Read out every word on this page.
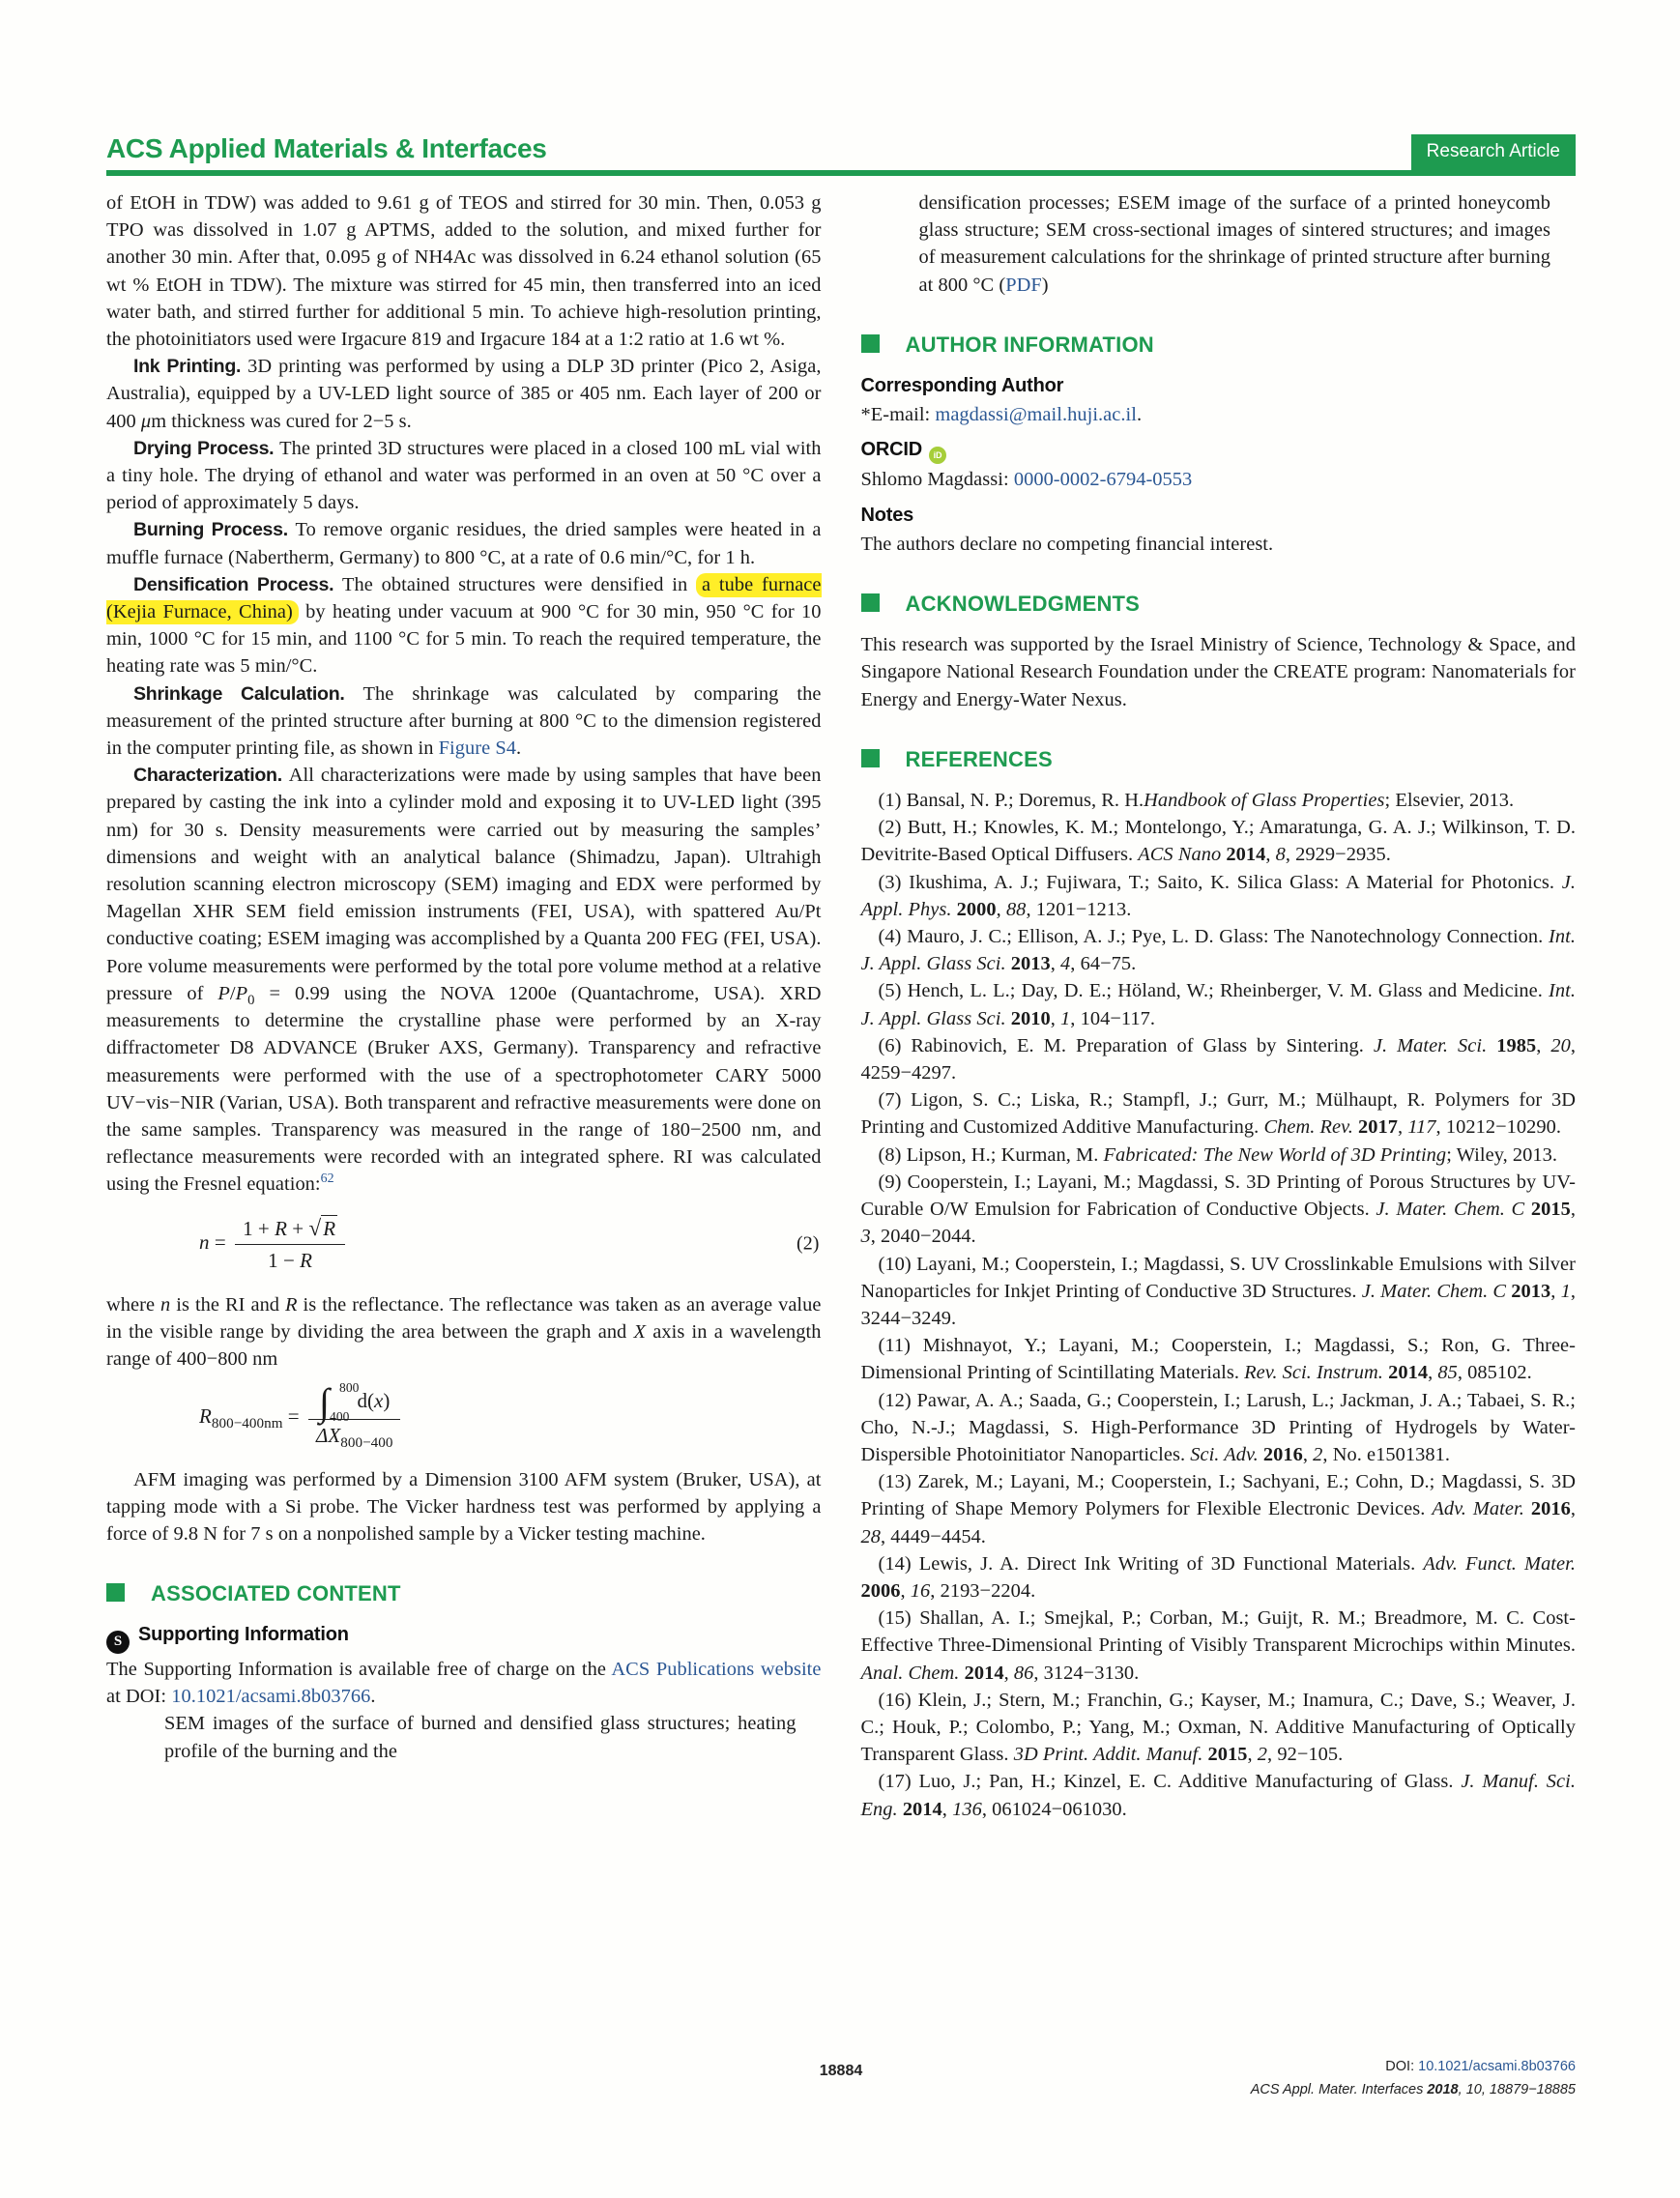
ACS Applied Materials & Interfaces	Research Article

of EtOH in TDW) was added to 9.61 g of TEOS and stirred for 30 min. Then, 0.053 g TPO was dissolved in 1.07 g APTMS, added to the solution, and mixed further for another 30 min. After that, 0.095 g of NH4Ac was dissolved in 6.24 ethanol solution (65 wt % EtOH in TDW). The mixture was stirred for 45 min, then transferred into an iced water bath, and stirred further for additional 5 min. To achieve high-resolution printing, the photoinitiators used were Irgacure 819 and Irgacure 184 at a 1:2 ratio at 1.6 wt %.

Ink Printing. 3D printing was performed by using a DLP 3D printer (Pico 2, Asiga, Australia), equipped by a UV-LED light source of 385 or 405 nm. Each layer of 200 or 400 μm thickness was cured for 2−5 s.

Drying Process. The printed 3D structures were placed in a closed 100 mL vial with a tiny hole. The drying of ethanol and water was performed in an oven at 50 °C over a period of approximately 5 days.

Burning Process. To remove organic residues, the dried samples were heated in a muffle furnace (Nabertherm, Germany) to 800 °C, at a rate of 0.6 min/°C, for 1 h.

Densification Process. The obtained structures were densified in a tube furnace (Kejia Furnace, China) by heating under vacuum at 900 °C for 30 min, 950 °C for 10 min, 1000 °C for 15 min, and 1100 °C for 5 min. To reach the required temperature, the heating rate was 5 min/°C.

Shrinkage Calculation. The shrinkage was calculated by comparing the measurement of the printed structure after burning at 800 °C to the dimension registered in the computer printing file, as shown in Figure S4.

Characterization. All characterizations were made by using samples that have been prepared by casting the ink into a cylinder mold and exposing it to UV-LED light (395 nm) for 30 s. Density measurements were carried out by measuring the samples’ dimensions and weight with an analytical balance (Shimadzu, Japan). Ultrahigh resolution scanning electron microscopy (SEM) imaging and EDX were performed by Magellan XHR SEM field emission instruments (FEI, USA), with spattered Au/Pt conductive coating; ESEM imaging was accomplished by a Quanta 200 FEG (FEI, USA). Pore volume measurements were performed by the total pore volume method at a relative pressure of $P/P_0 = 0.99$ using the NOVA 1200e (Quantachrome, USA). XRD measurements to determine the crystalline phase were performed by an X-ray diffractometer D8 ADVANCE (Bruker AXS, Germany). Transparency and refractive measurements were performed with the use of a spectrophotometer CARY 5000 UV−vis−NIR (Varian, USA). Both transparent and refractive measurements were done on the same samples. Transparency was measured in the range of 180−2500 nm, and reflectance measurements were recorded with an integrated sphere. RI was calculated using the Fresnel equation:$^{62}$

$n = \frac{1 + R + √R}{1 - R}$	(2)

where n is the RI and R is the reflectance. The reflectance was taken as an average value in the visible range by dividing the area between the graph and X axis in a wavelength range of 400−800 nm

$R_{800-400nm}$ = ∫ 800
400
d(x)
$\Delta X_{800-400}$

AFM imaging was performed by a Dimension 3100 AFM system (Bruker, USA), at tapping mode with a Si probe. The Vicker hardness test was performed by applying a force of 9.8 N for 7 s on a nonpolished sample by a Vicker testing machine.

ASSOCIATED CONTENT
S Supporting Information

The Supporting Information is available free of charge on the ACS Publications website at DOI: 10.1021/acsami.8b03766.

SEM images of the surface of burned and densified glass structures; heating profile of the burning and the

densification processes; ESEM image of the surface of a printed honeycomb glass structure; SEM cross-sectional images of sintered structures; and images of measurement calculations for the shrinkage of printed structure after burning at 800 °C (PDF)

AUTHOR INFORMATION
Corresponding Author

*E-mail: magdassi@mail.huji.ac.il.

ORCID iD

Shlomo Magdassi: 0000-0002-6794-0553

Notes

The authors declare no competing financial interest.

ACKNOWLEDGMENTS

This research was supported by the Israel Ministry of Science, Technology & Space, and Singapore National Research Foundation under the CREATE program: Nanomaterials for Energy and Energy-Water Nexus.

REFERENCES

(1) Bansal, N. P.; Doremus, R. H.Handbook of Glass Properties; Elsevier, 2013.

(2) Butt, H.; Knowles, K. M.; Montelongo, Y.; Amaratunga, G. A. J.; Wilkinson, T. D. Devitrite-Based Optical Diffusers. ACS Nano 2014, 8, 2929−2935.

(3) Ikushima, A. J.; Fujiwara, T.; Saito, K. Silica Glass: A Material for Photonics. J. Appl. Phys. 2000, 88, 1201−1213.

(4) Mauro, J. C.; Ellison, A. J.; Pye, L. D. Glass: The Nanotechnology Connection. Int. J. Appl. Glass Sci. 2013, 4, 64−75.

(5) Hench, L. L.; Day, D. E.; Höland, W.; Rheinberger, V. M. Glass and Medicine. Int. J. Appl. Glass Sci. 2010, 1, 104−117.

(6) Rabinovich, E. M. Preparation of Glass by Sintering. J. Mater. Sci. 1985, 20, 4259−4297.

(7) Ligon, S. C.; Liska, R.; Stampfl, J.; Gurr, M.; Mülhaupt, R. Polymers for 3D Printing and Customized Additive Manufacturing. Chem. Rev. 2017, 117, 10212−10290.

(8) Lipson, H.; Kurman, M. Fabricated: The New World of 3D Printing; Wiley, 2013.

(9) Cooperstein, I.; Layani, M.; Magdassi, S. 3D Printing of Porous Structures by UV-Curable O/W Emulsion for Fabrication of Conductive Objects. J. Mater. Chem. C 2015, 3, 2040−2044.

(10) Layani, M.; Cooperstein, I.; Magdassi, S. UV Crosslinkable Emulsions with Silver Nanoparticles for Inkjet Printing of Conductive 3D Structures. J. Mater. Chem. C 2013, 1, 3244−3249.

(11) Mishnayot, Y.; Layani, M.; Cooperstein, I.; Magdassi, S.; Ron, G. Three-Dimensional Printing of Scintillating Materials. Rev. Sci. Instrum. 2014, 85, 085102.

(12) Pawar, A. A.; Saada, G.; Cooperstein, I.; Larush, L.; Jackman, J. A.; Tabaei, S. R.; Cho, N.-J.; Magdassi, S. High-Performance 3D Printing of Hydrogels by Water-Dispersible Photoinitiator Nanoparticles. Sci. Adv. 2016, 2, No. e1501381.

(13) Zarek, M.; Layani, M.; Cooperstein, I.; Sachyani, E.; Cohn, D.; Magdassi, S. 3D Printing of Shape Memory Polymers for Flexible Electronic Devices. Adv. Mater. 2016, 28, 4449−4454.

(14) Lewis, J. A. Direct Ink Writing of 3D Functional Materials. Adv. Funct. Mater. 2006, 16, 2193−2204.

(15) Shallan, A. I.; Smejkal, P.; Corban, M.; Guijt, R. M.; Breadmore, M. C. Cost-Effective Three-Dimensional Printing of Visibly Transparent Microchips within Minutes. Anal. Chem. 2014, 86, 3124−3130.

(16) Klein, J.; Stern, M.; Franchin, G.; Kayser, M.; Inamura, C.; Dave, S.; Weaver, J. C.; Houk, P.; Colombo, P.; Yang, M.; Oxman, N. Additive Manufacturing of Optically Transparent Glass. 3D Print. Addit. Manuf. 2015, 2, 92−105.

(17) Luo, J.; Pan, H.; Kinzel, E. C. Additive Manufacturing of Glass. J. Manuf. Sci. Eng. 2014, 136, 061024−061030.

18884	DOI: 10.1021/acsami.8b03766
ACS Appl. Mater. Interfaces 2018, 10, 18879−18885
